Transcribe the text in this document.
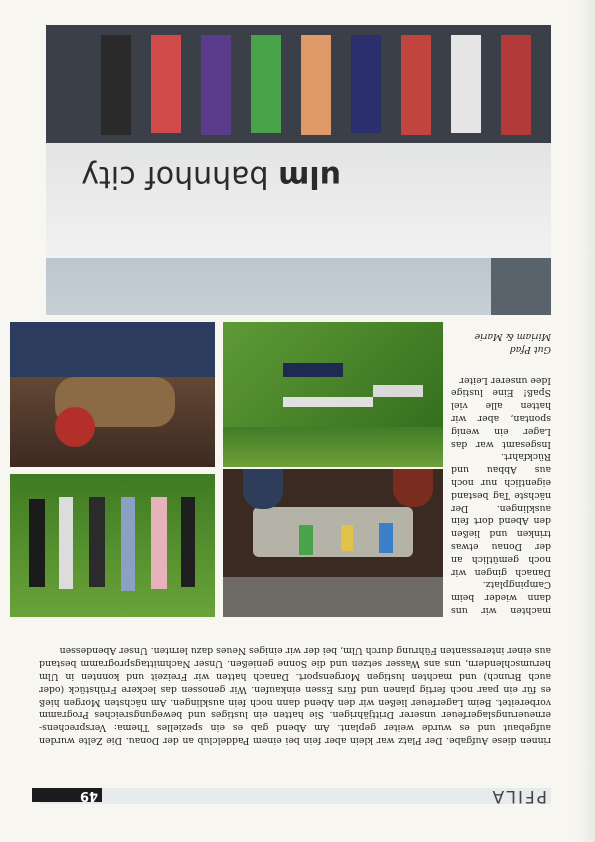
PFILA
49

rinnen diese Aufgabe. Der Platz war klein aber fein bei einem Paddelclub an der Donau. Die Zelte wurden aufgebaut und es wurde weiter geplant. Am Abend gab es ein spezielles Thema: Versprechens-erneuerungslagerfeuer unserer Drittjährigen. Sie hatten ein lustiges und bewegungsreiches Programm vorbereitet. Beim Lagerfeuer ließen wir den Abend dann noch fein ausklingen. Am nächsten Morgen hieß es für ein paar noch fertig planen und fürs Essen einkaufen. Wir genossen das leckere Frühstück (oder auch Brunch) und machten lustigen Morgensport. Danach hatten wir Freizeit und konnten in Ulm herumschlendern, uns ans Wasser setzen und die Sonne genießen. Unser Nachmittagsprogramm bestand aus einer interessanten Führung durch Ulm, bei der wir einiges Neues dazu lernten. Unser Abendessen

machten wir uns dann wieder beim Campingplatz. Danach gingen wir noch gemütlich an der Donau etwas trinken und ließen den Abend dort fein ausklingen. Der nächste Tag bestand eigentlich nur noch aus Abbau und Rückfahrt. Insgesamt war das Lager ein wenig spontan, aber wir hatten alle viel Spaß! Eine lustige Idee unserer Leiter

Gut Pfad
Miriam & Marie
ulm bahnhof city
